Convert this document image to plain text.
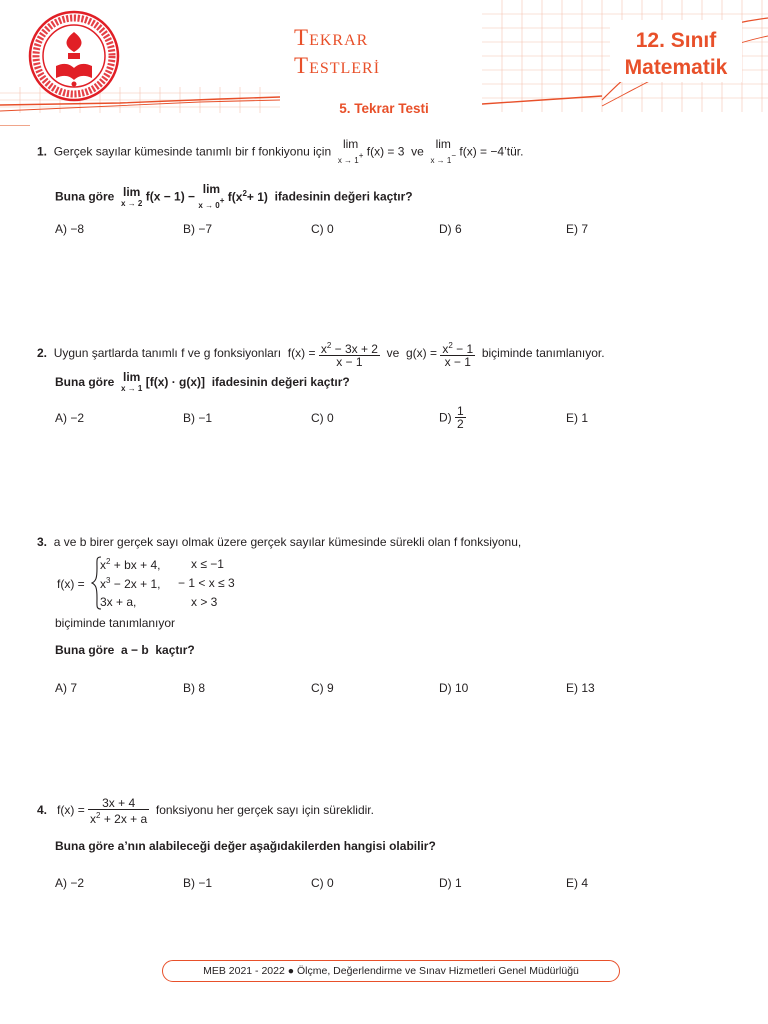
TEKRAR
TESTLERİ
12. Sınıf
Matematik
5. Tekrar Testi
1. Gerçek sayılar kümesinde tanımlı bir f fonkiyonu için  lim
x → 1+ f(x) = 3 ve  lim
x → 1− f(x) = −4’tür.
Buna göre lim
x → 2 f(x − 1) − lim
$x \to 0+ f(x^2+ 1)$ ifadesinin değeri kaçtır?
A) −8	B) −7	C) 0	D) 6	E) 7
2. Uygun şartlarda tanımlı f ve g fonksiyonları $f(x) = \frac{x^2 - 3x + 2}{x - 1}$ ve $g(x) = \frac{x^2 - 1}{x - 1}$ biçiminde tanımlanıyor.
Buna göre lim
x → 1 [f(x) · g(x)] ifadesinin değeri kaçtır?
A) −2	B) −1	C) 0	$D) \frac{1}{2}$	E) 1
3. a ve b birer gerçek sayı olmak üzere gerçek sayılar kümesinde sürekli olan f fonksiyonu,
f(x) =
$x^2$ + bx + 4,	x ≤ −1
$x^3 - 2x + 1$, − 1 < x ≤ 3
3x + a,	x > 3
biçiminde tanımlanıyor
Buna göre a − b kaçtır?
A) 7	B) 8	C) 9	D) 10	E) 13
4. $f(x) = \frac{3x + 4}{x^2 + 2x + a}$ fonksiyonu her gerçek sayı için süreklidir.
Buna göre a’nın alabileceği değer aşağıdakilerden hangisi olabilir?
A) −2	B) −1	C) 0	D) 1	E) 4
MEB 2021 - 2022 ● Ölçme, Değerlendirme ve Sınav Hizmetleri Genel Müdürlüğü
